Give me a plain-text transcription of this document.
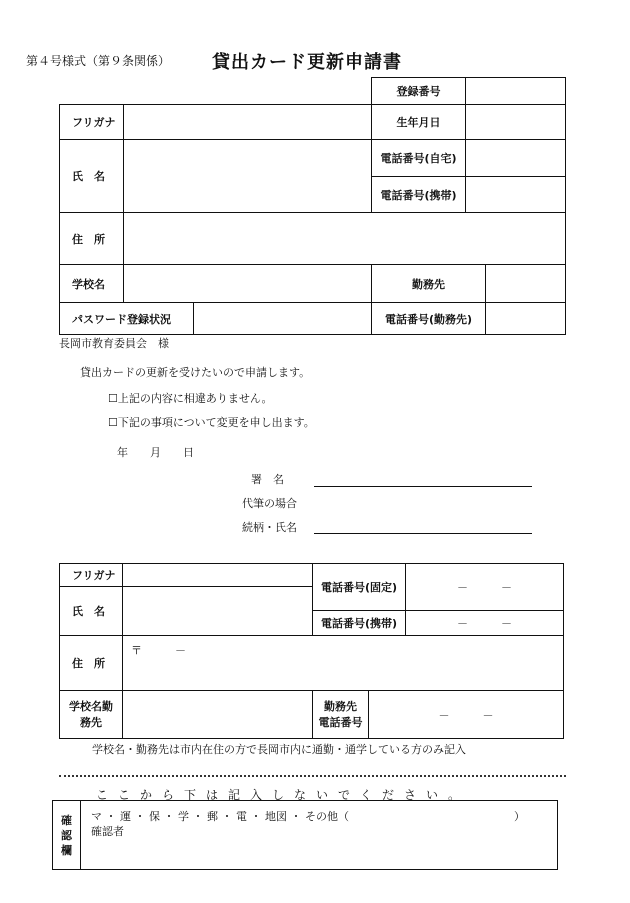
第４号様式（第９条関係） 貸出カード更新申請書
			登録番号		
フリガナ			生年月日		
氏　名			電話番号(自宅)		
			電話番号(携帯)		
住　所					
学校名			勤務先		
パスワード登録状況			電話番号(勤務先)		
長岡市教育委員会　様
貸出カードの更新を受けたいので申請します。
☐上記の内容に相違ありません。
☐下記の事項について変更を申し出ます。
年　　月　　日
署　名
代筆の場合
続柄・氏名
フリガナ		電話番号(固定)		－　　　－
氏　名				
		電話番号(携帯)		－　　　－
住　所	〒　　　－			
学校名勤
務先		勤務先
電話番号	－　　　－	
学校名・勤務先は市内在住の方で長岡市内に通勤・通学している方のみ記入
ここから下は記入しないでください。
確
認
欄
マ ・ 運 ・ 保 ・ 学 ・ 郵 ・ 電 ・ 地図 ・ その他（　　　　　　　　　　　　　　　）
確認者
